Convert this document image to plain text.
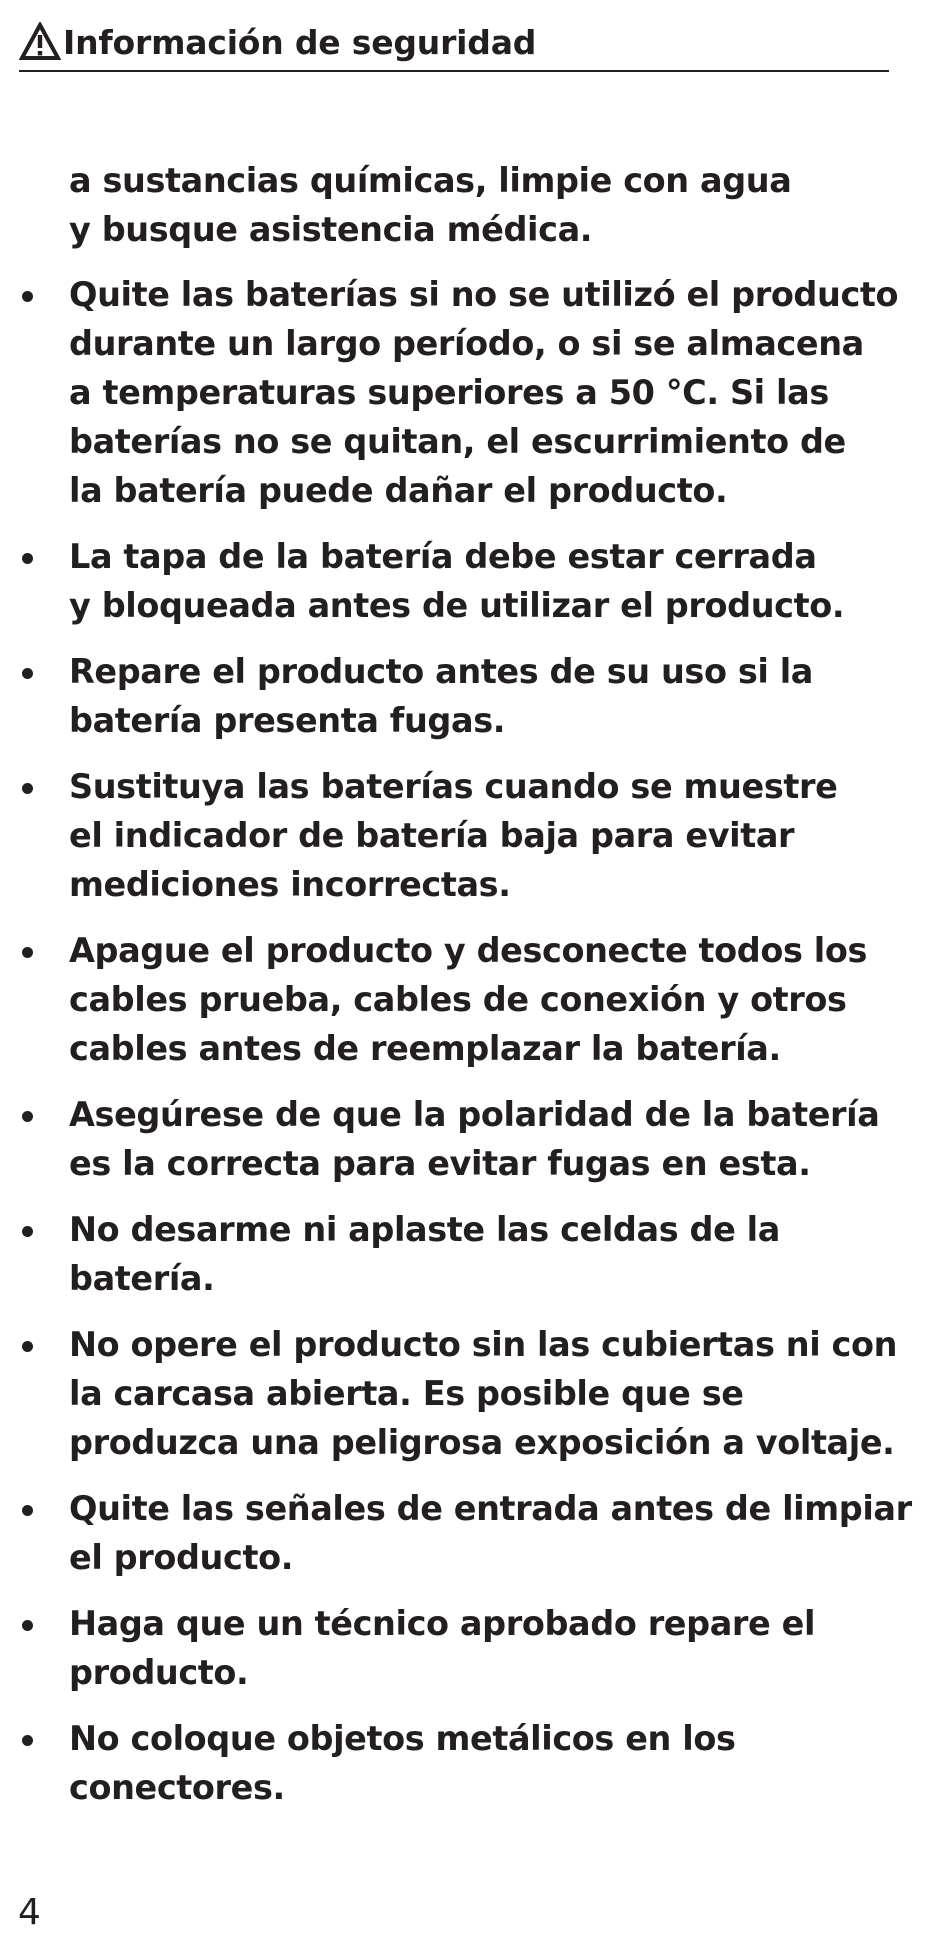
Información de seguridad

a sustancias químicas, limpie con agua
y busque asistencia médica.

Quite las baterías si no se utilizó el producto
durante un largo período, o si se almacena
a temperaturas superiores a 50 °C. Si las
baterías no se quitan, el escurrimiento de
la batería puede dañar el producto.
La tapa de la batería debe estar cerrada
y bloqueada antes de utilizar el producto.
Repare el producto antes de su uso si la
batería presenta fugas.
Sustituya las baterías cuando se muestre
el indicador de batería baja para evitar
mediciones incorrectas.
Apague el producto y desconecte todos los
cables prueba, cables de conexión y otros
cables antes de reemplazar la batería.
Asegúrese de que la polaridad de la batería
es la correcta para evitar fugas en esta.
No desarme ni aplaste las celdas de la
batería.
No opere el producto sin las cubiertas ni con
la carcasa abierta. Es posible que se
produzca una peligrosa exposición a voltaje.
Quite las señales de entrada antes de limpiar
el producto.
Haga que un técnico aprobado repare el
producto.
No coloque objetos metálicos en los
conectores.
4
